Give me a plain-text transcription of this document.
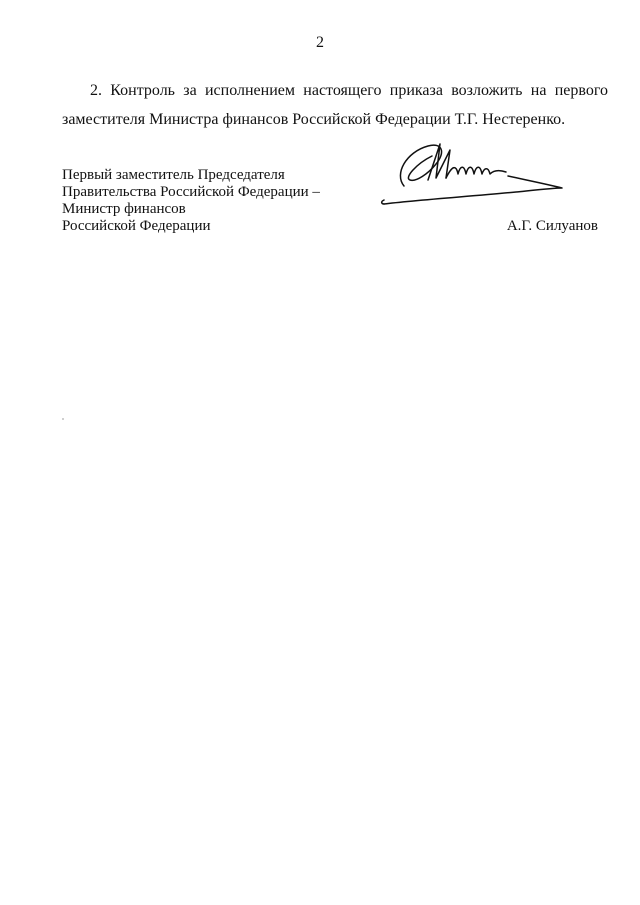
2

2. Контроль за исполнением настоящего приказа возложить на первого заместителя Министра финансов Российской Федерации Т.Г. Нестеренко.

Первый заместитель Председателя
Правительства Российской Федерации –
Министр финансов
Российской Федерации	А.Г. Силуанов
